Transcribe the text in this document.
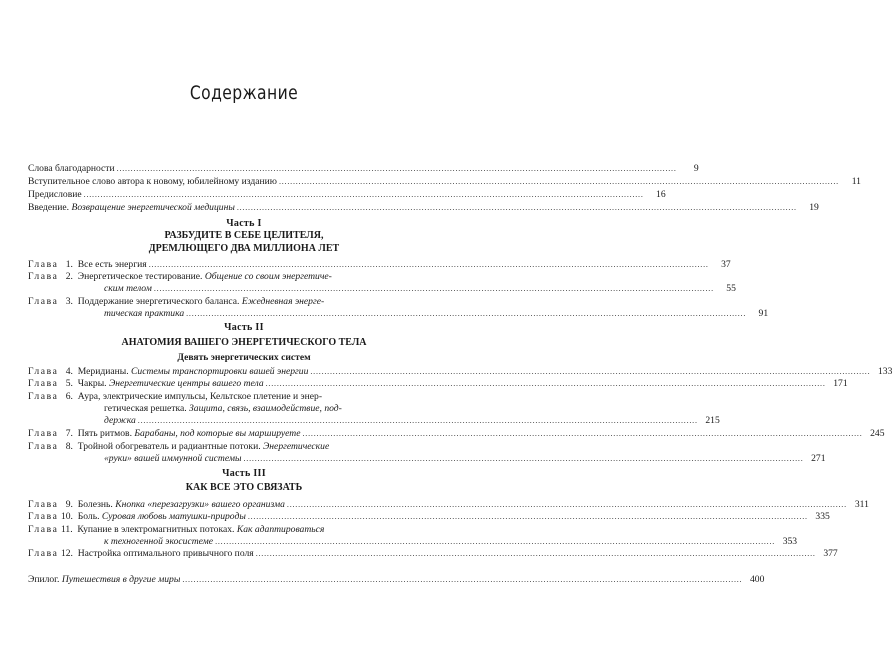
Содержание
Слова благодарности ........................................................................................................................................................................................................	9
Вступительное слово автора к новому, юбилейному изданию ........................................................................................................................................................................................................	11
Предисловие ........................................................................................................................................................................................................	16
Введение. Возвращение энергетической медицины ........................................................................................................................................................................................................	19
Часть I
РАЗБУДИТЕ В СЕБЕ ЦЕЛИТЕЛЯ,
ДРЕМЛЮЩЕГО ДВА МИЛЛИОНА ЛЕТ
Глава 1. Все есть энергия ........................................................................................................................................................................................................	37
Глава 2. Энергетическое тестирование. Общение со своим энергетиче-
ским телом ........................................................................................................................................................................................................	55
Глава 3. Поддержание энергетического баланса. Ежедневная энерге-
тическая практика ........................................................................................................................................................................................................	91
Часть II
АНАТОМИЯ ВАШЕГО ЭНЕРГЕТИЧЕСКОГО ТЕЛА
Девять энергетических систем
Глава 4. Меридианы. Системы транспортировки вашей энергии ........................................................................................................................................................................................................ 133
Глава 5. Чакры. Энергетические центры вашего тела ........................................................................................................................................................................................................ 171
Глава 6. Аура, электрические импульсы, Кельтское плетение и энер-
гетическая решетка. Защита, связь, взаимодействие, под-
держка ........................................................................................................................................................................................................ 215
Глава 7. Пять ритмов. Барабаны, под которые вы маршируете ........................................................................................................................................................................................................ 245
Глава 8. Тройной обогреватель и радиантные потоки. Энергетические
«руки» вашей иммунной системы ........................................................................................................................................................................................................ 271
Часть III
КАК ВСЕ ЭТО СВЯЗАТЬ
Глава 9. Болезнь. Кнопка «перезагрузки» вашего организма ........................................................................................................................................................................................................ 311
Глава 10. Боль. Суровая любовь матушки-природы ........................................................................................................................................................................................................ 335
Глава 11. Купание в электромагнитных потоках. Как адаптироваться
к техногенной экосистеме ........................................................................................................................................................................................................ 353
Глава 12. Настройка оптимального привычного поля ........................................................................................................................................................................................................ 377
Эпилог. Путешествия в другие миры ........................................................................................................................................................................................................ 400
